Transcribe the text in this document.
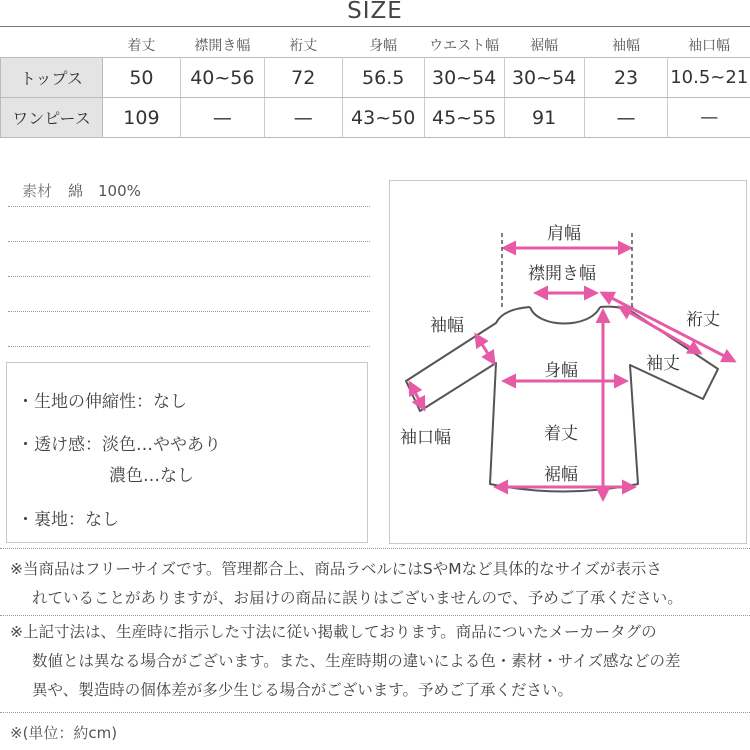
SIZE
	着丈	襟開き幅	裄丈	身幅	ウエスト幅	裾幅	袖幅	袖口幅
トップス	50	40~56	72	56.5	30~54	30~54	23	10.5~21
ワンピース	109	—	—	43~50	45~55	91	—	—
素材 綿　100%
・生地の伸縮性：なし
・透け感：淡色…ややあり
濃色…なし
・裏地：なし
肩幅
襟開き幅
裄丈
袖幅
袖丈
身幅
着丈
裾幅
袖口幅
※当商品はフリーサイズです。管理都合上、商品ラベルにはSやMなど具体的なサイズが表示さ
れていることがありますが、お届けの商品に誤りはございませんので、予めご了承ください。
※上記寸法は、生産時に指示した寸法に従い掲載しております。商品についたメーカータグの
数値とは異なる場合がございます。また、生産時期の違いによる色・素材・サイズ感などの差
異や、製造時の個体差が多少生じる場合がございます。予めご了承ください。
※(単位：約cm)
